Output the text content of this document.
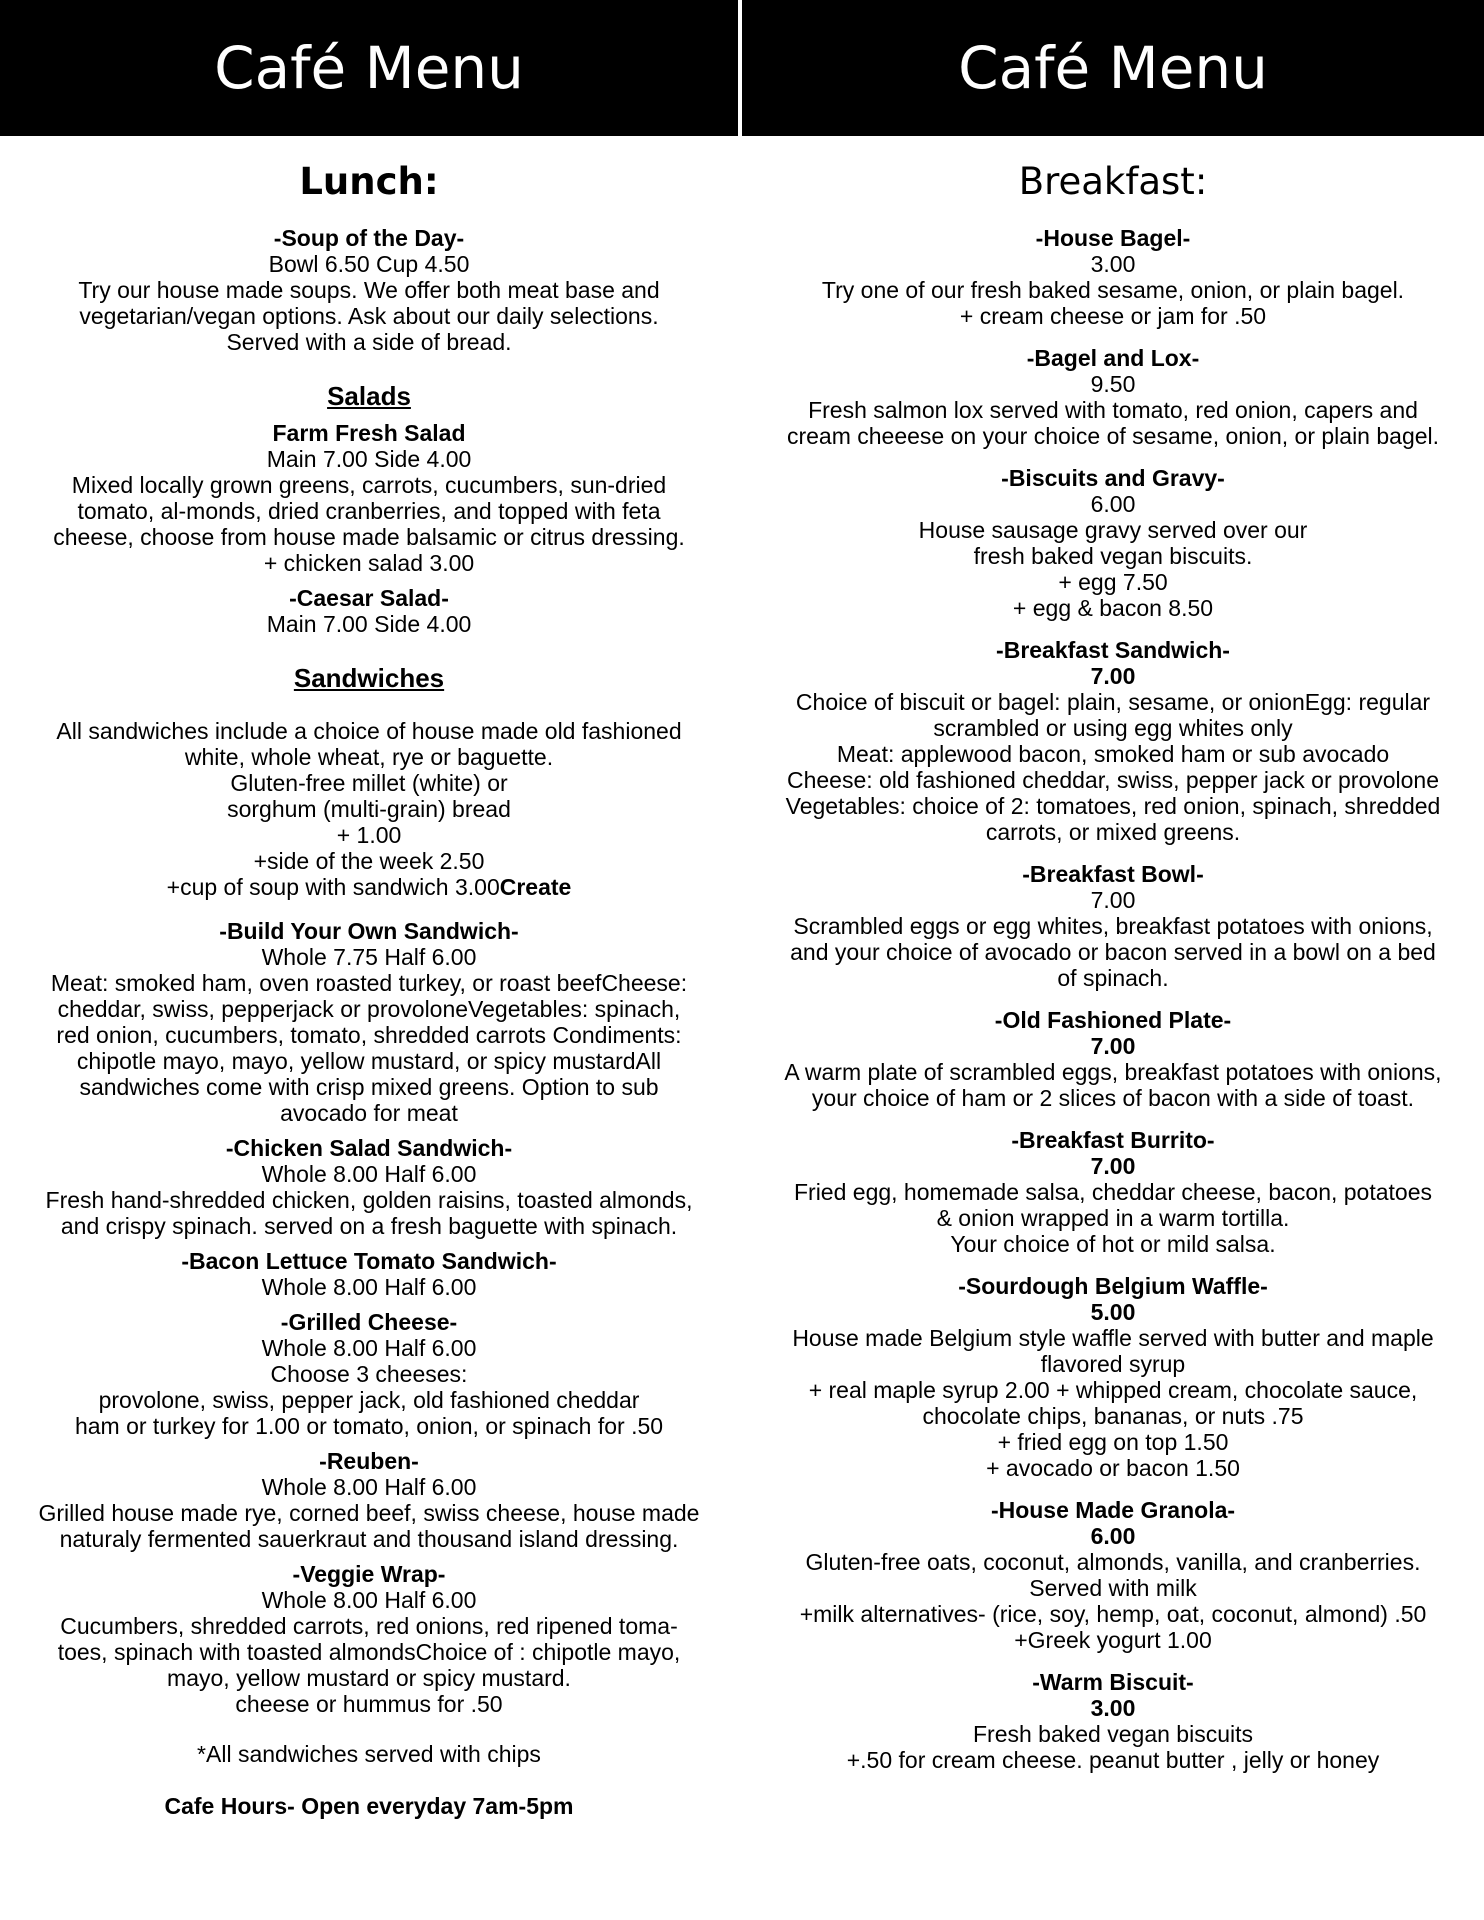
Café Menu
Lunch:
-Soup of the Day-
Bowl 6.50 Cup 4.50
Try our house made soups. We offer both meat base and
vegetarian/vegan options. Ask about our daily selections.
Served with a side of bread.
Salads
Farm Fresh Salad
Main 7.00 Side 4.00
Mixed locally grown greens, carrots, cucumbers, sun-dried
tomato, al-monds, dried cranberries, and topped with feta
cheese, choose from house made balsamic or citrus dressing.
+ chicken salad 3.00
-Caesar Salad-
Main 7.00 Side 4.00
Sandwiches
All sandwiches include a choice of house made old fashioned
white, whole wheat, rye or baguette.
Gluten-free millet (white) or
sorghum (multi-grain) bread
+ 1.00
+side of the week 2.50
+cup of soup with sandwich 3.00Create
-Build Your Own Sandwich-
Whole 7.75 Half 6.00
Meat: smoked ham, oven roasted turkey, or roast beefCheese:
cheddar, swiss, pepperjack or provoloneVegetables: spinach,
red onion, cucumbers, tomato, shredded carrots Condiments:
chipotle mayo, mayo, yellow mustard, or spicy mustardAll
sandwiches come with crisp mixed greens. Option to sub
avocado for meat
-Chicken Salad Sandwich-
Whole 8.00 Half 6.00
Fresh hand-shredded chicken, golden raisins, toasted almonds,
and crispy spinach. served on a fresh baguette with spinach.
-Bacon Lettuce Tomato Sandwich-
Whole 8.00 Half 6.00
-Grilled Cheese-
Whole 8.00 Half 6.00
Choose 3 cheeses:
provolone, swiss, pepper jack, old fashioned cheddar
ham or turkey for 1.00 or tomato, onion, or spinach for .50
-Reuben-
Whole 8.00 Half 6.00
Grilled house made rye, corned beef, swiss cheese, house made
naturaly fermented sauerkraut and thousand island dressing.
-Veggie Wrap-
Whole 8.00 Half 6.00
Cucumbers, shredded carrots, red onions, red ripened toma-
toes, spinach with toasted almondsChoice of : chipotle mayo,
mayo, yellow mustard or spicy mustard.
cheese or hummus for .50
*All sandwiches served with chips
Cafe Hours- Open everyday 7am-5pm
Café Menu
Breakfast:
-House Bagel-
3.00
Try one of our fresh baked sesame, onion, or plain bagel.
+ cream cheese or jam for .50
-Bagel and Lox-
9.50
Fresh salmon lox served with tomato, red onion, capers and
cream cheeese on your choice of sesame, onion, or plain bagel.
-Biscuits and Gravy-
6.00
House sausage gravy served over our
fresh baked vegan biscuits.
+ egg 7.50
+ egg & bacon 8.50
-Breakfast Sandwich-
7.00
Choice of biscuit or bagel: plain, sesame, or onionEgg: regular
scrambled or using egg whites only
Meat: applewood bacon, smoked ham or sub avocado
Cheese: old fashioned cheddar, swiss, pepper jack or provolone
Vegetables: choice of 2: tomatoes, red onion, spinach, shredded
carrots, or mixed greens.
-Breakfast Bowl-
7.00
Scrambled eggs or egg whites, breakfast potatoes with onions,
and your choice of avocado or bacon served in a bowl on a bed
of spinach.
-Old Fashioned Plate-
7.00
A warm plate of scrambled eggs, breakfast potatoes with onions,
your choice of ham or 2 slices of bacon with a side of toast.
-Breakfast Burrito-
7.00
Fried egg, homemade salsa, cheddar cheese, bacon, potatoes
& onion wrapped in a warm tortilla.
Your choice of hot or mild salsa.
-Sourdough Belgium Waffle-
5.00
House made Belgium style waffle served with butter and maple
flavored syrup
+ real maple syrup 2.00 + whipped cream, chocolate sauce,
chocolate chips, bananas, or nuts .75
+ fried egg on top 1.50
+ avocado or bacon 1.50
-House Made Granola-
6.00
Gluten-free oats, coconut, almonds, vanilla, and cranberries.
Served with milk
+milk alternatives- (rice, soy, hemp, oat, coconut, almond) .50
+Greek yogurt 1.00
-Warm Biscuit-
3.00
Fresh baked vegan biscuits
+.50 for cream cheese. peanut butter , jelly or honey
